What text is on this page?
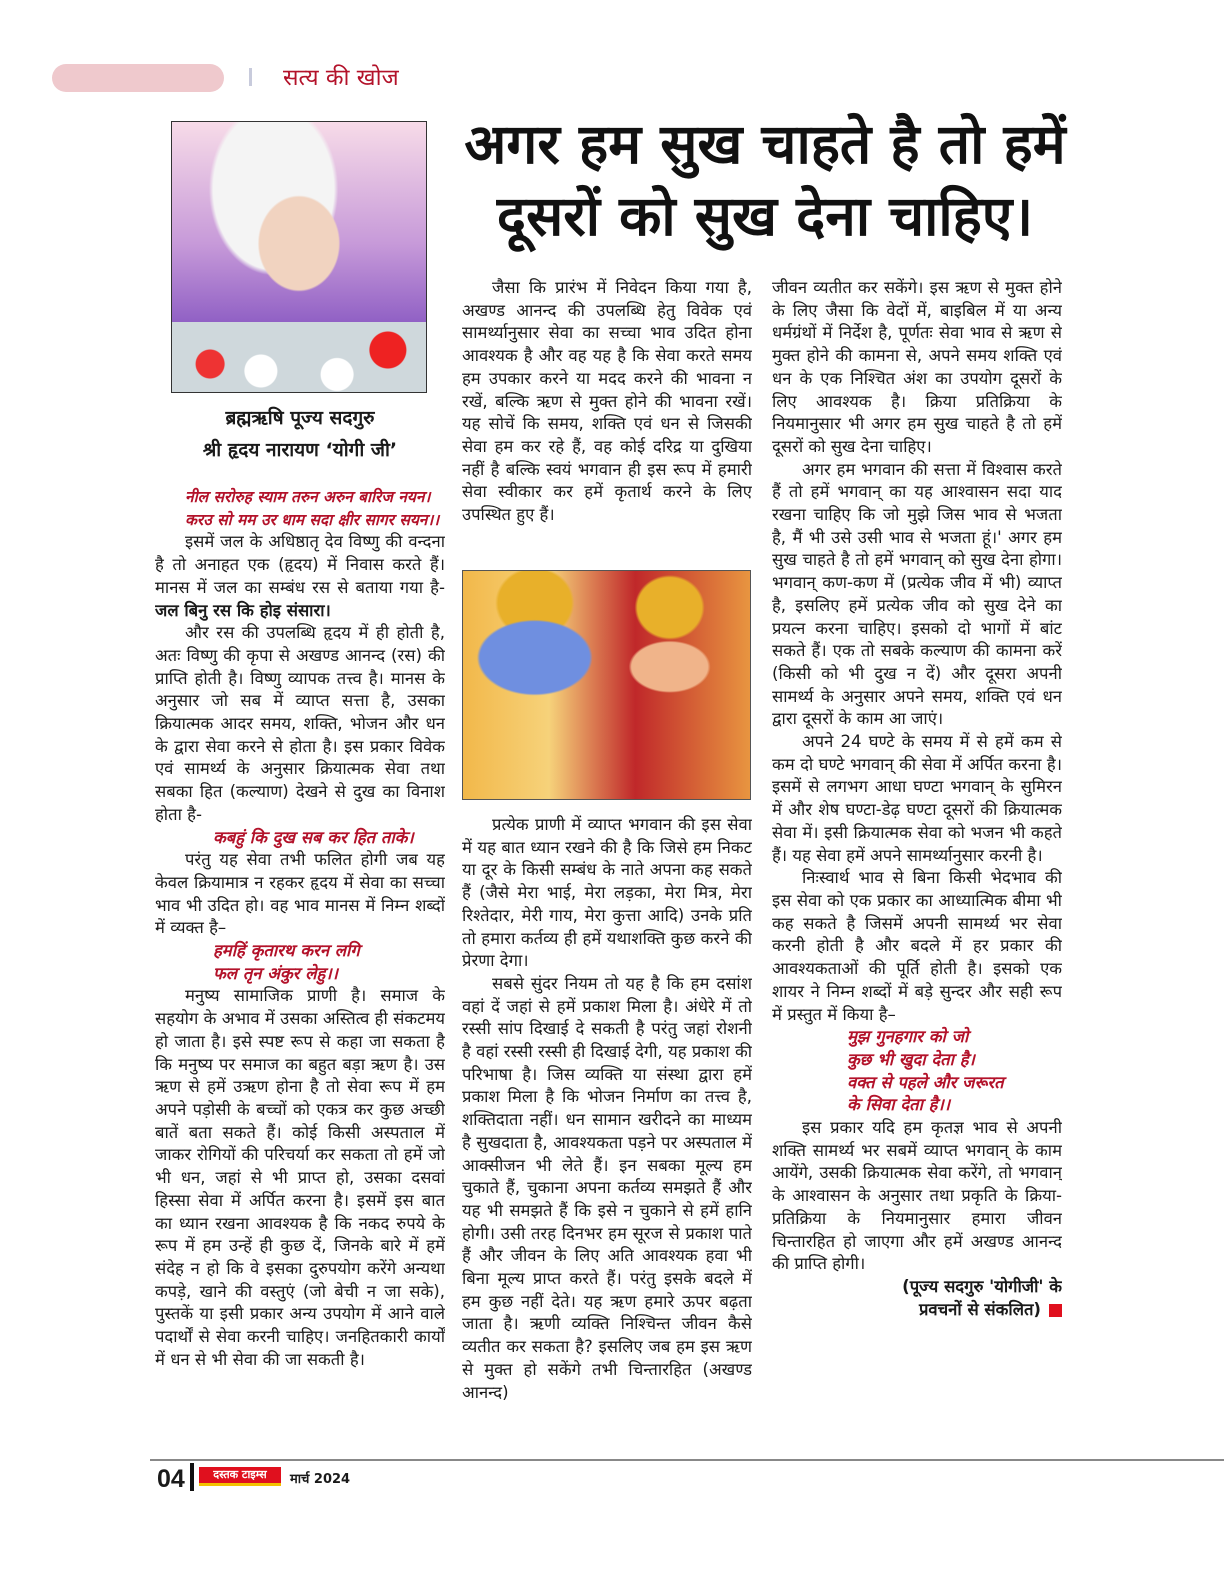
सत्य की खोज
ब्रह्मऋषि पूज्य सदगुरु
श्री हृदय नारायण ‘योगी जी’
अगर हम सुख चाहते है तो हमें
दूसरों को सुख देना चाहिए।

नील सरोरुह स्याम तरुन अरुन बारिज नयन।

करउ सो मम उर धाम सदा क्षीर सागर सयन।।

इसमें जल के अधिष्ठातृ देव विष्णु की वन्दना है तो अनाहत एक (हृदय) में निवास करते हैं। मानस में जल का सम्बंध रस से बताया गया है- जल बिनु रस कि होइ संसारा।

और रस की उपलब्धि हृदय में ही होती है, अतः विष्णु की कृपा से अखण्ड आनन्द (रस) की प्राप्ति होती है। विष्णु व्यापक तत्त्व है। मानस के अनुसार जो सब में व्याप्त सत्ता है, उसका क्रियात्मक आदर समय, शक्ति, भोजन और धन के द्वारा सेवा करने से होता है। इस प्रकार विवेक एवं सामर्थ्य के अनुसार क्रियात्मक सेवा तथा सबका हित (कल्याण) देखने से दुख का विनाश होता है-

कबहुं कि दुख सब कर हित ताके।

परंतु यह सेवा तभी फलित होगी जब यह केवल क्रियामात्र न रहकर हृदय में सेवा का सच्चा भाव भी उदित हो। वह भाव मानस में निम्न शब्दों में व्यक्त है–

हमहिं कृतारथ करन लगि

फल तृन अंकुर लेहु।।

मनुष्य सामाजिक प्राणी है। समाज के सहयोग के अभाव में उसका अस्तित्व ही संकटमय हो जाता है। इसे स्पष्ट रूप से कहा जा सकता है कि मनुष्य पर समाज का बहुत बड़ा ऋण है। उस ऋण से हमें उऋण होना है तो सेवा रूप में हम अपने पड़ोसी के बच्चों को एकत्र कर कुछ अच्छी बातें बता सकते हैं। कोई किसी अस्पताल में जाकर रोगियों की परिचर्या कर सकता तो हमें जो भी धन, जहां से भी प्राप्त हो, उसका दसवां हिस्सा सेवा में अर्पित करना है। इसमें इस बात का ध्यान रखना आवश्यक है कि नकद रुपये के रूप में हम उन्हें ही कुछ दें, जिनके बारे में हमें संदेह न हो कि वे इसका दुरुपयोग करेंगे अन्यथा कपड़े, खाने की वस्तुएं (जो बेची न जा सके), पुस्तकें या इसी प्रकार अन्य उपयोग में आने वाले पदार्थों से सेवा करनी चाहिए। जनहितकारी कार्यों में धन से भी सेवा की जा सकती है।

जैसा कि प्रारंभ में निवेदन किया गया है, अखण्ड आनन्द की उपलब्धि हेतु विवेक एवं सामर्थ्यानुसार सेवा का सच्चा भाव उदित होना आवश्यक है और वह यह है कि सेवा करते समय हम उपकार करने या मदद करने की भावना न रखें, बल्कि ऋण से मुक्त होने की भावना रखें। यह सोचें कि समय, शक्ति एवं धन से जिसकी सेवा हम कर रहे हैं, वह कोई दरिद्र या दुखिया नहीं है बल्कि स्वयं भगवान ही इस रूप में हमारी सेवा स्वीकार कर हमें कृतार्थ करने के लिए उपस्थित हुए हैं।

प्रत्येक प्राणी में व्याप्त भगवान की इस सेवा में यह बात ध्यान रखने की है कि जिसे हम निकट या दूर के किसी सम्बंध के नाते अपना कह सकते हैं (जैसे मेरा भाई, मेरा लड़का, मेरा मित्र, मेरा रिश्तेदार, मेरी गाय, मेरा कुत्ता आदि) उनके प्रति तो हमारा कर्तव्य ही हमें यथाशक्ति कुछ करने की प्रेरणा देगा।

सबसे सुंदर नियम तो यह है कि हम दसांश वहां दें जहां से हमें प्रकाश मिला है। अंधेरे में तो रस्सी सांप दिखाई दे सकती है परंतु जहां रोशनी है वहां रस्सी रस्सी ही दिखाई देगी, यह प्रकाश की परिभाषा है। जिस व्यक्ति या संस्था द्वारा हमें प्रकाश मिला है कि भोजन निर्माण का तत्त्व है, शक्तिदाता नहीं। धन सामान खरीदने का माध्यम है सुखदाता है, आवश्यकता पड़ने पर अस्पताल में आक्सीजन भी लेते हैं। इन सबका मूल्य हम चुकाते हैं, चुकाना अपना कर्तव्य समझते हैं और यह भी समझते हैं कि इसे न चुकाने से हमें हानि होगी। उसी तरह दिनभर हम सूरज से प्रकाश पाते हैं और जीवन के लिए अति आवश्यक हवा भी बिना मूल्य प्राप्त करते हैं। परंतु इसके बदले में हम कुछ नहीं देते। यह ऋण हमारे ऊपर बढ़ता जाता है। ऋणी व्यक्ति निश्चिन्त जीवन कैसे व्यतीत कर सकता है? इसलिए जब हम इस ऋण से मुक्त हो सकेंगे तभी चिन्तारहित (अखण्ड आनन्द)

जीवन व्यतीत कर सकेंगे। इस ऋण से मुक्त होने के लिए जैसा कि वेदों में, बाइबिल में या अन्य धर्मग्रंथों में निर्देश है, पूर्णतः सेवा भाव से ऋण से मुक्त होने की कामना से, अपने समय शक्ति एवं धन के एक निश्चित अंश का उपयोग दूसरों के लिए आवश्यक है। क्रिया प्रतिक्रिया के नियमानुसार भी अगर हम सुख चाहते है तो हमें दूसरों को सुख देना चाहिए।

अगर हम भगवान की सत्ता में विश्वास करते हैं तो हमें भगवान् का यह आश्वासन सदा याद रखना चाहिए कि जो मुझे जिस भाव से भजता है, मैं भी उसे उसी भाव से भजता हूं।' अगर हम सुख चाहते है तो हमें भगवान् को सुख देना होगा। भगवान् कण-कण में (प्रत्येक जीव में भी) व्याप्त है, इसलिए हमें प्रत्येक जीव को सुख देने का प्रयत्न करना चाहिए। इसको दो भागों में बांट सकते हैं। एक तो सबके कल्याण की कामना करें (किसी को भी दुख न दें) और दूसरा अपनी सामर्थ्य के अनुसार अपने समय, शक्ति एवं धन द्वारा दूसरों के काम आ जाएं।

अपने 24 घण्टे के समय में से हमें कम से कम दो घण्टे भगवान् की सेवा में अर्पित करना है। इसमें से लगभग आधा घण्टा भगवान् के सुमिरन में और शेष घण्टा-डेढ़ घण्टा दूसरों की क्रियात्मक सेवा में। इसी क्रियात्मक सेवा को भजन भी कहते हैं। यह सेवा हमें अपने सामर्थ्यानुसार करनी है।

निःस्वार्थ भाव से बिना किसी भेदभाव की इस सेवा को एक प्रकार का आध्यात्मिक बीमा भी कह सकते है जिसमें अपनी सामर्थ्य भर सेवा करनी होती है और बदले में हर प्रकार की आवश्यकताओं की पूर्ति होती है। इसको एक शायर ने निम्न शब्दों में बड़े सुन्दर और सही रूप में प्रस्तुत में किया है–

मुझ गुनहगार को जो

कुछ भी खुदा देता है।

वक्त से पहले और जरूरत

के सिवा देता है।।

इस प्रकार यदि हम कृतज्ञ भाव से अपनी शक्ति सामर्थ्य भर सबमें व्याप्त भगवान् के काम आयेंगे, उसकी क्रियात्मक सेवा करेंगे, तो भगवान् के आश्वासन के अनुसार तथा प्रकृति के क्रिया-प्रतिक्रिया के नियमानुसार हमारा जीवन चिन्तारहित हो जाएगा और हमें अखण्ड आनन्द की प्राप्ति होगी।

(पूज्य सदगुरु 'योगीजी' के
प्रवचनों से संकलित)

04	दस्तक टाइम्स	मार्च 2024
